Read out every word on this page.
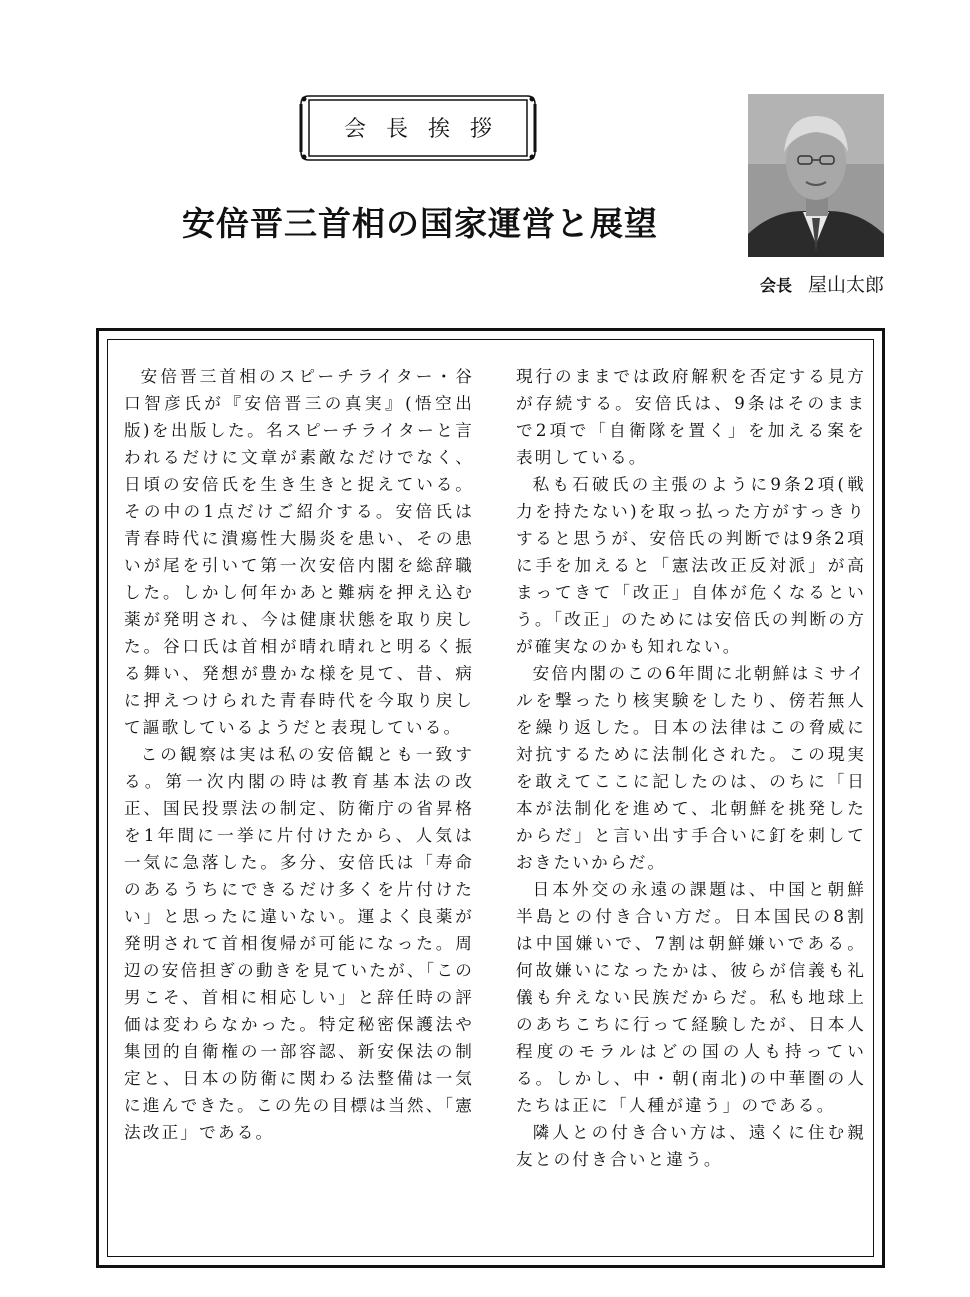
会長挨拶
安倍晋三首相の国家運営と展望
会長 屋山太郎

安倍晋三首相のスピーチライター・谷口智彦氏が『安倍晋三の真実』(悟空出版)を出版した。名スピーチライターと言われるだけに文章が素敵なだけでなく、日頃の安倍氏を生き生きと捉えている。その中の1点だけご紹介する。安倍氏は青春時代に潰瘍性大腸炎を患い、その患いが尾を引いて第一次安倍内閣を総辞職した。しかし何年かあと難病を押え込む薬が発明され、今は健康状態を取り戻した。谷口氏は首相が晴れ晴れと明るく振る舞い、発想が豊かな様を見て、昔、病に押えつけられた青春時代を今取り戻して謳歌しているようだと表現している。

この観察は実は私の安倍観とも一致する。第一次内閣の時は教育基本法の改正、国民投票法の制定、防衛庁の省昇格を1年間に一挙に片付けたから、人気は一気に急落した。多分、安倍氏は「寿命のあるうちにできるだけ多くを片付けたい」と思ったに違いない。運よく良薬が発明されて首相復帰が可能になった。周辺の安倍担ぎの動きを見ていたが、「この男こそ、首相に相応しい」と辞任時の評価は変わらなかった。特定秘密保護法や集団的自衛権の一部容認、新安保法の制定と、日本の防衛に関わる法整備は一気に進んできた。この先の目標は当然、「憲法改正」である。

現行のままでは政府解釈を否定する見方が存続する。安倍氏は、9条はそのままで2項で「自衛隊を置く」を加える案を表明している。

私も石破氏の主張のように9条2項(戦力を持たない)を取っ払った方がすっきりすると思うが、安倍氏の判断では9条2項に手を加えると「憲法改正反対派」が高まってきて「改正」自体が危くなるという。「改正」のためには安倍氏の判断の方が確実なのかも知れない。

安倍内閣のこの6年間に北朝鮮はミサイルを撃ったり核実験をしたり、傍若無人を繰り返した。日本の法律はこの脅威に対抗するために法制化された。この現実を敢えてここに記したのは、のちに「日本が法制化を進めて、北朝鮮を挑発したからだ」と言い出す手合いに釘を刺しておきたいからだ。

日本外交の永遠の課題は、中国と朝鮮半島との付き合い方だ。日本国民の8割は中国嫌いで、7割は朝鮮嫌いである。何故嫌いになったかは、彼らが信義も礼儀も弁えない民族だからだ。私も地球上のあちこちに行って経験したが、日本人程度のモラルはどの国の人も持っている。しかし、中・朝(南北)の中華圏の人たちは正に「人種が違う」のである。

隣人との付き合い方は、遠くに住む親友との付き合いと違う。
